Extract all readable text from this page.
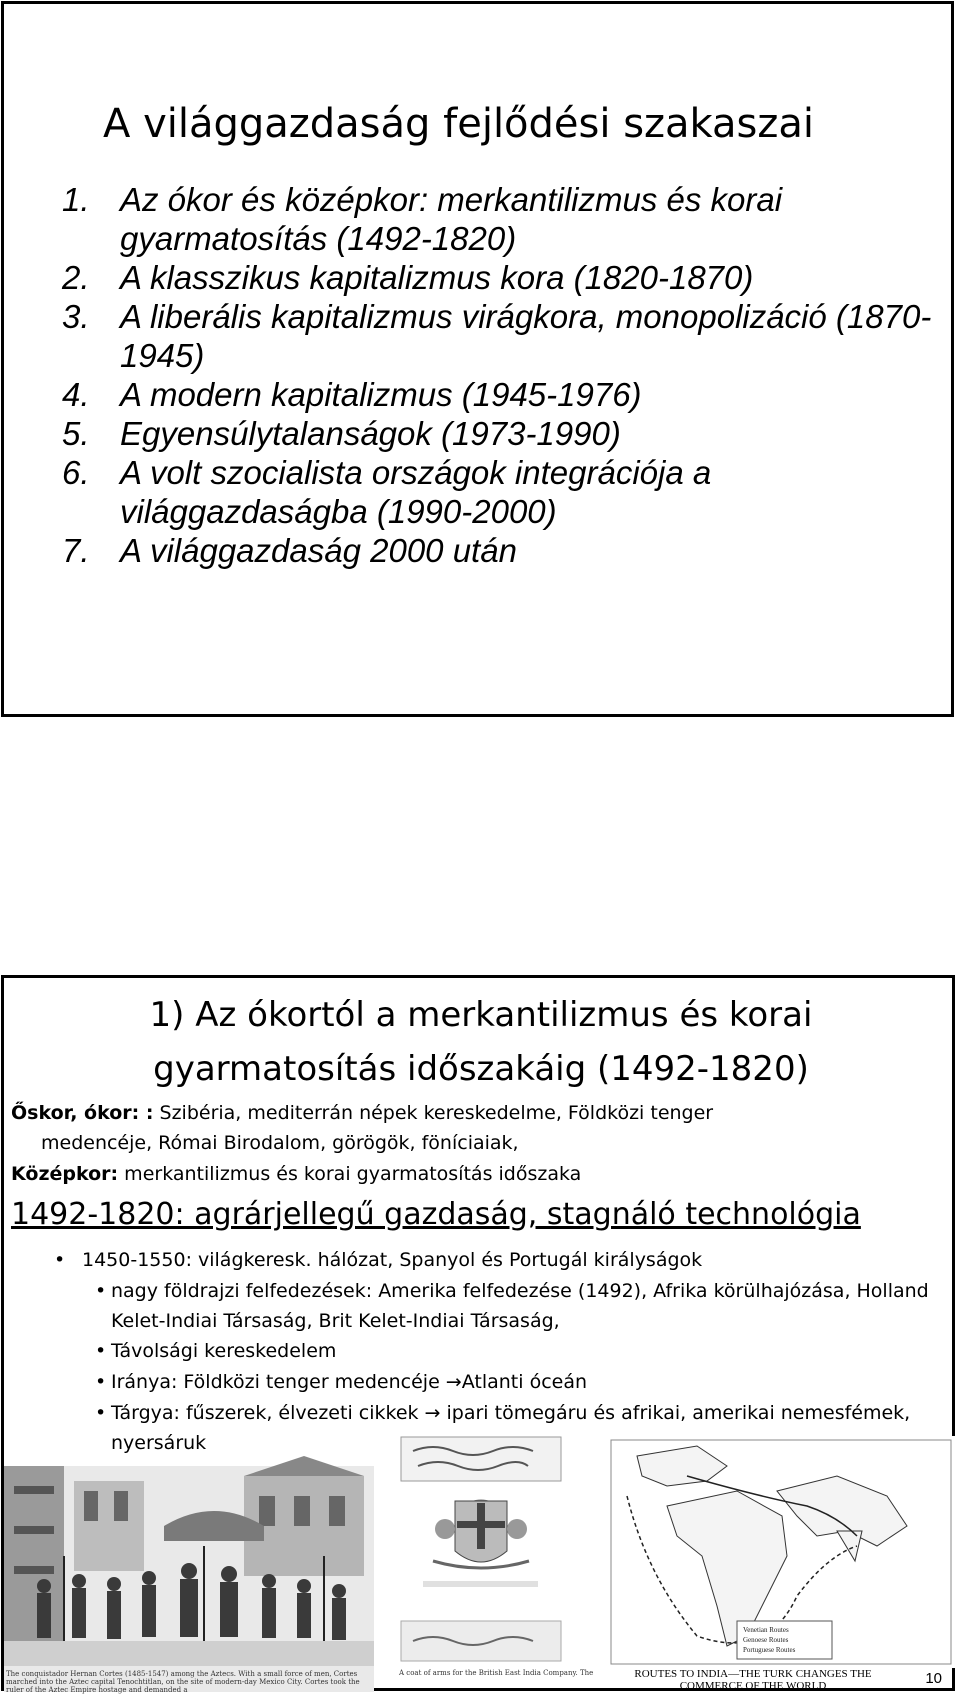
A világgazdaság fejlődési szakaszai
1. Az ókor és középkor: merkantilizmus és korai gyarmatosítás (1492-1820)
2. A klasszikus kapitalizmus kora (1820-1870)
3. A liberális kapitalizmus virágkora, monopolizáció (1870-1945)
4. A modern kapitalizmus (1945-1976)
5. Egyensúlytalanságok (1973-1990)
6. A volt szocialista országok integrációja a világgazdaságba (1990-2000)
7. A világgazdaság 2000 után
1) Az ókortól a merkantilizmus és korai
gyarmatosítás időszakáig (1492-1820)
Őskor, ókor: : Szibéria, mediterrán népek kereskedelme, Földközi tenger
medencéje, Római Birodalom, görögök, föníciaiak,
Középkor: merkantilizmus és korai gyarmatosítás időszaka
1492-1820: agrárjellegű gazdaság, stagnáló technológia
• 1450-1550: világkeresk. hálózat, Spanyol és Portugál királyságok
• nagy földrajzi felfedezések: Amerika felfedezése (1492), Afrika körülhajózása, Holland Kelet-Indiai Társaság, Brit Kelet-Indiai Társaság,
• Távolsági kereskedelem
• Iránya: Földközi tenger medencéje →Atlanti óceán
• Tárgya: fűszerek, élvezeti cikkek → ipari tömegáru és afrikai, amerikai nemesfémek, nyersáruk
The conquistador Hernan Cortes (1485-1547) among the Aztecs. With a small force of men, Cortes marched into the Aztec capital Tenochtitlan, on the site of modern-day Mexico City. Cortes took the ruler of the Aztec Empire hostage and demanded a
A coat of arms for the British East India Company. The
Venetian Routes
Genoese Routes
Portuguese Routes
ROUTES TO INDIA—THE TURK CHANGES THE
COMMERCE OF THE WORLD	10
